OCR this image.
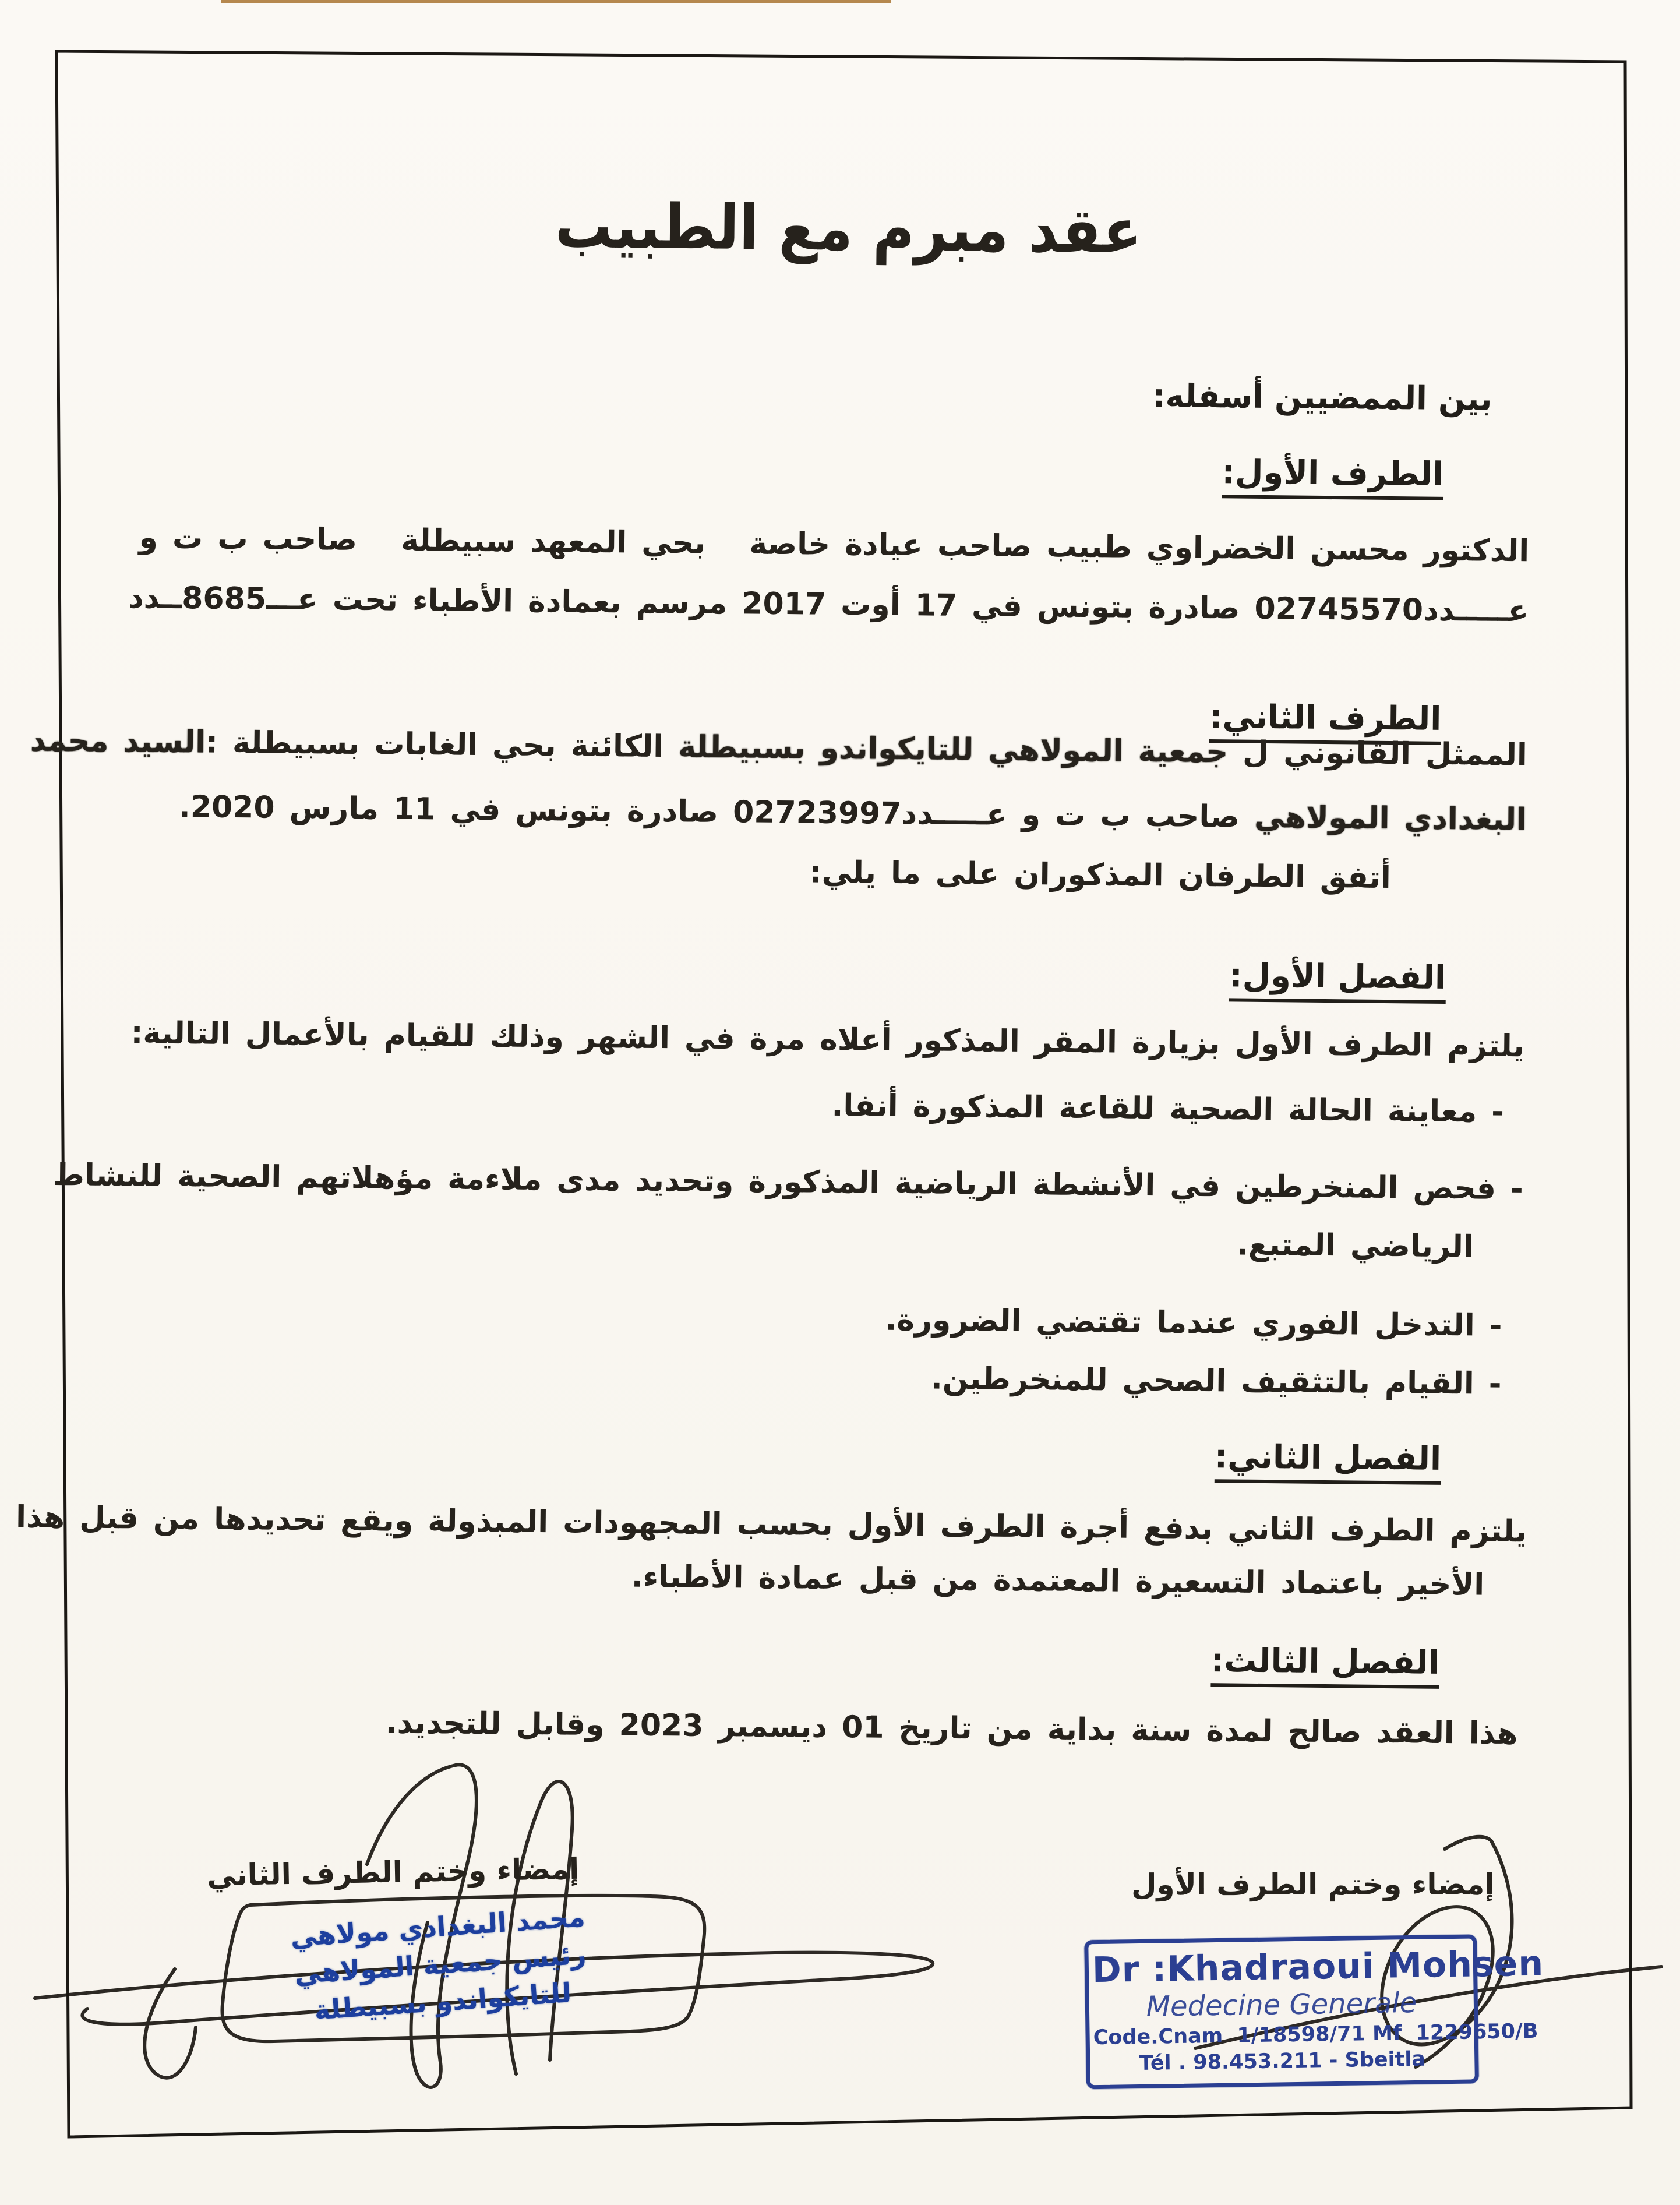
عقد مبرم مع الطبيب
بين الممضيين أسفله:
الطرف الأول:
الدكتور محسن الخضراوي طبيب صاحب عيادة خاصة   بحي المعهد سبيطلة   صاحب ب ت و
عـــــدد02745570 صادرة بتونس في 17 أوت 2017 مرسم بعمادة الأطباء تحت عـــ8685ــدد
الطرف الثاني:
الممثل القانوني ل جمعية المولاهي للتايكواندو بسبيطلة الكائنة بحي الغابات بسبيطلة :السيد محمد
البغدادي المولاهي صاحب ب ت و عـــــدد02723997 صادرة بتونس في 11 مارس 2020.
أتفق الطرفان المذكوران على ما يلي:
الفصل الأول:
يلتزم الطرف الأول بزيارة المقر المذكور أعلاه مرة في الشهر وذلك للقيام بالأعمال التالية:
- معاينة الحالة الصحية للقاعة المذكورة أنفا.
- فحص المنخرطين في الأنشطة الرياضية المذكورة وتحديد مدى ملاءمة مؤهلاتهم الصحية للنشاط
الرياضي المتبع.
- التدخل الفوري عندما تقتضي الضرورة.
- القيام بالتثقيف الصحي للمنخرطين.
الفصل الثاني:
يلتزم الطرف الثاني بدفع أجرة الطرف الأول بحسب المجهودات المبذولة ويقع تحديدها من قبل هذا
الأخير باعتماد التسعيرة المعتمدة من قبل عمادة الأطباء.
الفصل الثالث:
هذا العقد صالح لمدة سنة بداية من تاريخ 01 ديسمبر 2023 وقابل للتجديد.
إمضاء وختم الطرف الثاني	إمضاء وختم الطرف الأول
محمد البغدادي مولاهي
رئيس جمعية المولاهي
للتايكواندو بسبيطلة
Dr :Khadraoui Mohsen
Medecine Generale
Code.Cnam  1/18598/71 Mf  1229650/B
Tél . 98.453.211 - Sbeitla
